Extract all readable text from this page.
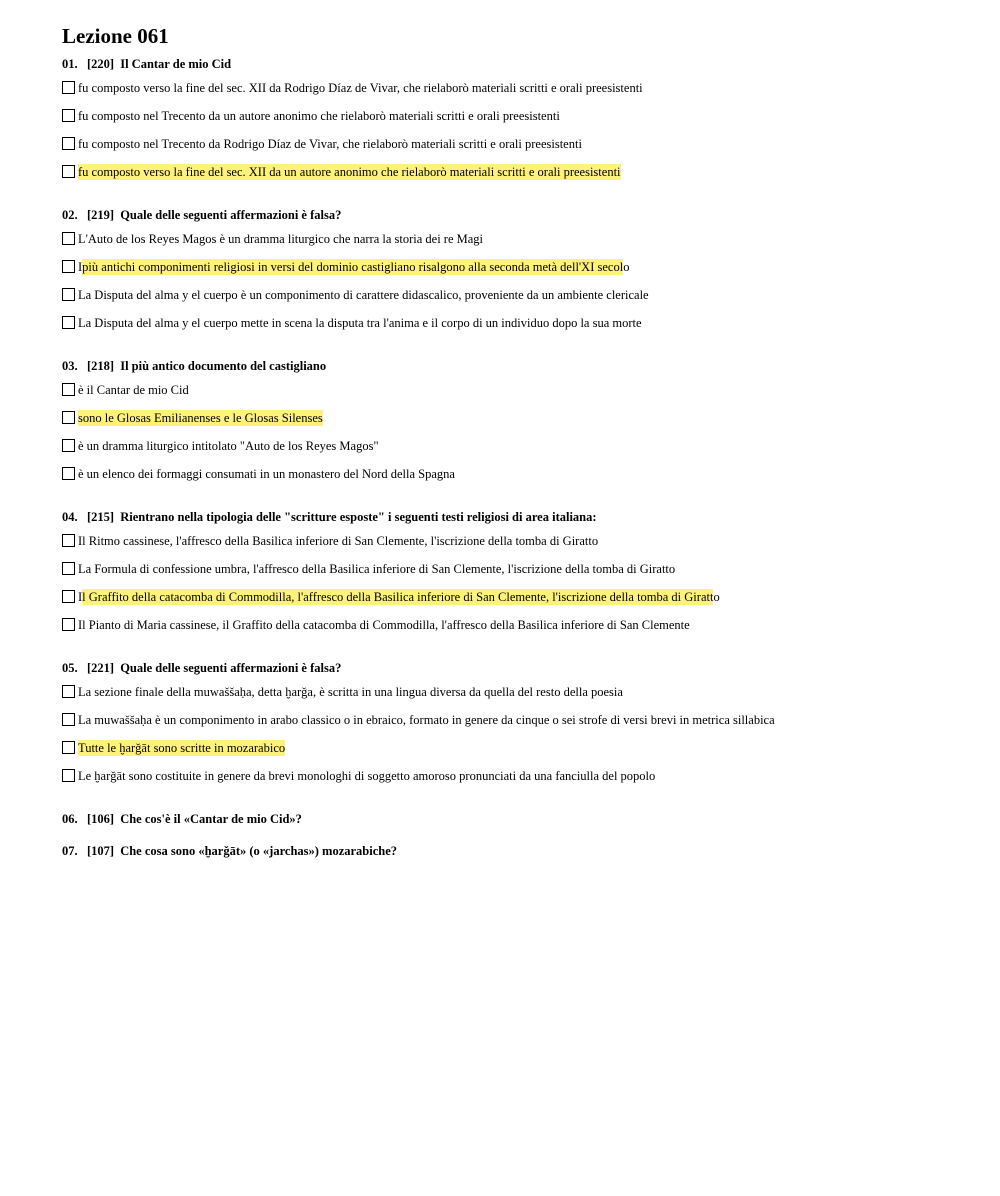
Lezione 061
01. [220] Il Cantar de mio Cid
fu composto verso la fine del sec. XII da Rodrigo Díaz de Vivar, che rielaborò materiali scritti e orali preesistenti
fu composto nel Trecento da un autore anonimo che rielaborò materiali scritti e orali preesistenti
fu composto nel Trecento da Rodrigo Díaz de Vivar, che rielaborò materiali scritti e orali preesistenti
fu composto verso la fine del sec. XII da un autore anonimo che rielaborò materiali scritti e orali preesistenti
02. [219] Quale delle seguenti affermazioni è falsa?
L'Auto de los Reyes Magos è un dramma liturgico che narra la storia dei re Magi
I più antichi componimenti religiosi in versi del dominio castigliano risalgono alla seconda metà dell'XI secol o
La Disputa del alma y el cuerpo è un componimento di carattere didascalico, proveniente da un ambiente clericale
La Disputa del alma y el cuerpo mette in scena la disputa tra l'anima e il corpo di un individuo dopo la sua morte
03. [218] Il più antico documento del castigliano
è il Cantar de mio Cid
sono le Glosas Emilianenses e le Glosas Silenses
è un dramma liturgico intitolato "Auto de los Reyes Magos"
è un elenco dei formaggi consumati in un monastero del Nord della Spagna
04. [215] Rientrano nella tipologia delle "scritture esposte" i seguenti testi religiosi di area italiana:
Il Ritmo cassinese, l'affresco della Basilica inferiore di San Clemente, l'iscrizione della tomba di Giratto
La Formula di confessione umbra, l'affresco della Basilica inferiore di San Clemente, l'iscrizione della tomba di Giratto
I l Graffito della catacomba di Commodilla, l'affresco della Basilica inferiore di San Clemente, l'iscrizione della tomba di Giratt o
Il Pianto di Maria cassinese, il Graffito della catacomba di Commodilla, l'affresco della Basilica inferiore di San Clemente
05. [221] Quale delle seguenti affermazioni è falsa?
La sezione finale della muwaššaḥa, detta ḫarǧa, è scritta in una lingua diversa da quella del resto della poesia
La muwaššaḥa è un componimento in arabo classico o in ebraico, formato in genere da cinque o sei strofe di versi brevi in metrica sillabica
Tutte le ḫarǧāt sono scritte in mozarabico
Le ḫarǧāt sono costituite in genere da brevi monologhi di soggetto amoroso pronunciati da una fanciulla del popolo
06. [106] Che cos'è il «Cantar de mio Cid»?
07. [107] Che cosa sono «ḫarǧāt» (o «jarchas») mozarabiche?
